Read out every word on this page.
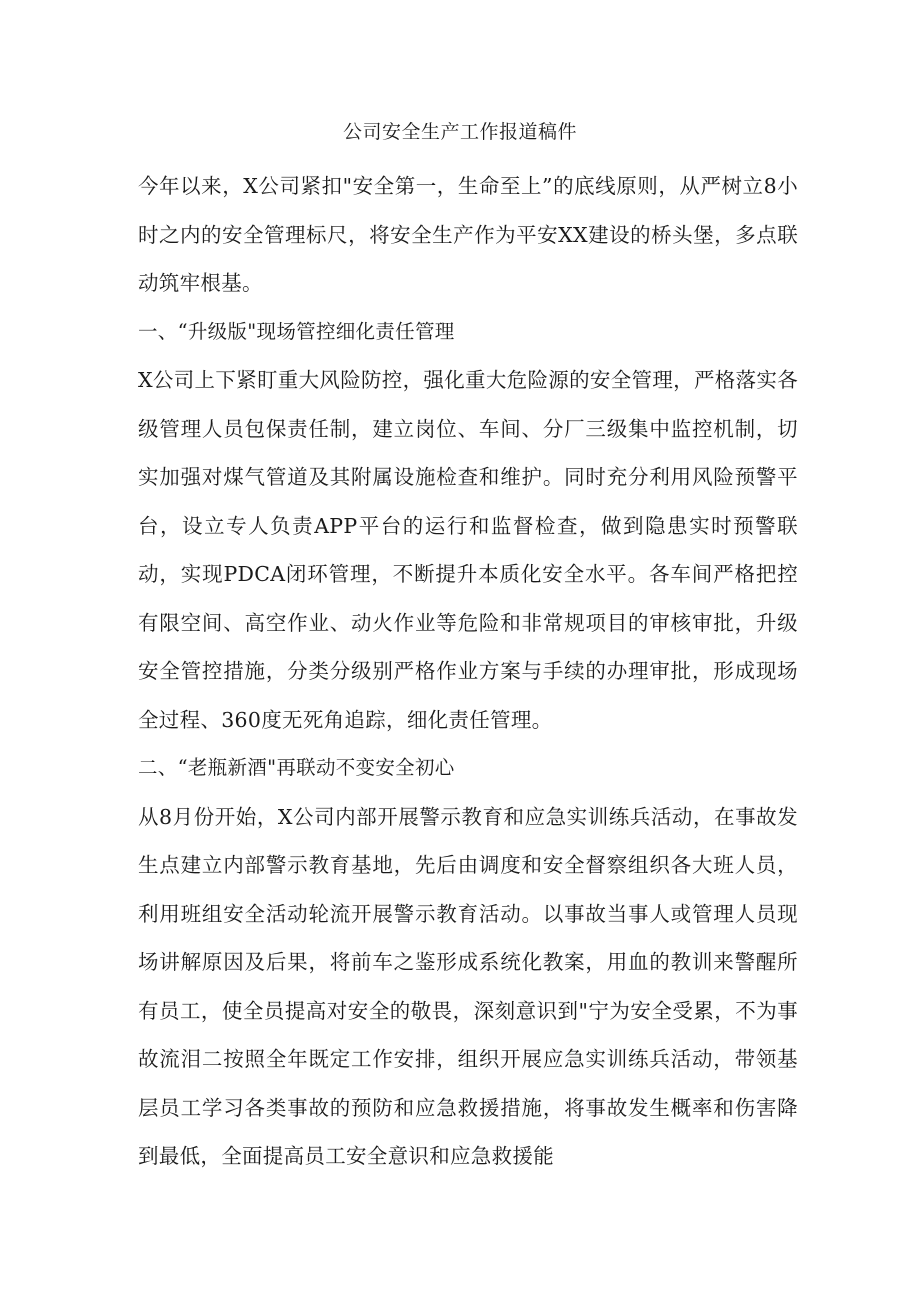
公司安全生产工作报道稿件

今年以来，X公司紧扣"安全第一，生命至上”的底线原则，从严树立8小时之内的安全管理标尺，将安全生产作为平安XX建设的桥头堡，多点联动筑牢根基。

一、“升级版"现场管控细化责任管理

X公司上下紧盯重大风险防控，强化重大危险源的安全管理，严格落实各级管理人员包保责任制，建立岗位、车间、分厂三级集中监控机制，切实加强对煤气管道及其附属设施检查和维护。同时充分利用风险预警平台，设立专人负责APP平台的运行和监督检查，做到隐患实时预警联动，实现PDCA闭环管理，不断提升本质化安全水平。各车间严格把控有限空间、高空作业、动火作业等危险和非常规项目的审核审批，升级安全管控措施，分类分级别严格作业方案与手续的办理审批，形成现场全过程、360度无死角追踪，细化责任管理。

二、“老瓶新酒"再联动不变安全初心

从8月份开始，X公司内部开展警示教育和应急实训练兵活动，在事故发生点建立内部警示教育基地，先后由调度和安全督察组织各大班人员，利用班组安全活动轮流开展警示教育活动。以事故当事人或管理人员现场讲解原因及后果，将前车之鉴形成系统化教案，用血的教训来警醒所有员工，使全员提高对安全的敬畏，深刻意识到"宁为安全受累，不为事故流泪二按照全年既定工作安排，组织开展应急实训练兵活动，带领基层员工学习各类事故的预防和应急救援措施，将事故发生概率和伤害降到最低，全面提高员工安全意识和应急救援能
